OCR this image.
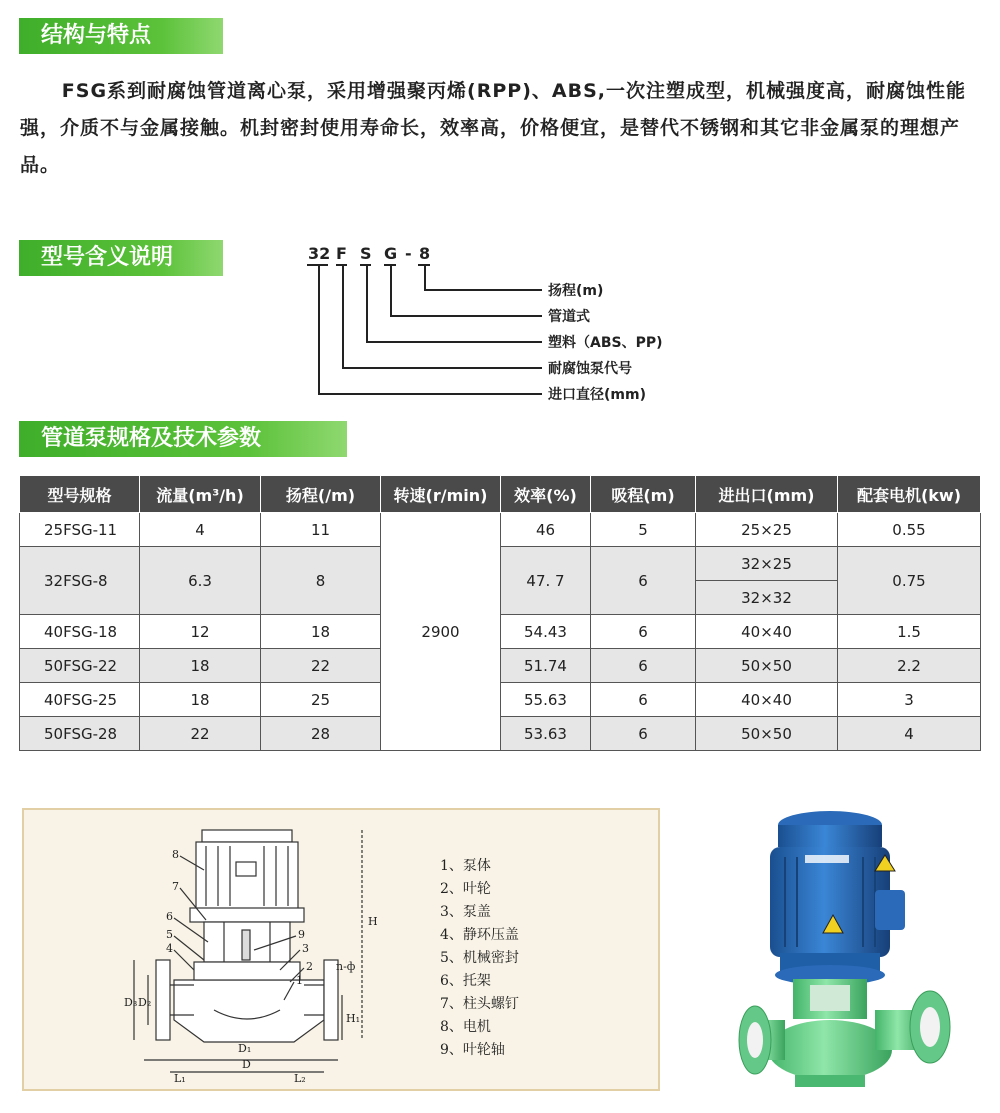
结构与特点

FSG系到耐腐蚀管道离心泵，采用增强聚丙烯(RPP)、ABS,一次注塑成型，机械强度高，耐腐蚀性能强，介质不与金属接触。机封密封使用寿命长，效率高，价格便宜，是替代不锈钢和其它非金属泵的理想产品。

型号含义说明	32 F S G - 8
扬程(m)
管道式
塑料（ABS、PP)
耐腐蚀泵代号
进口直径(mm)
管道泵规格及技术参数
型号规格	流量(m³/h)	扬程(/m)	转速(r/min)	效率(%)	吸程(m)	进出口(mm)	配套电机(kw)
25FSG-11	4	11	2900	46	5	25×25	0.55
32FSG-8	6.3	8		47. 7	6	32×25	0.75
						32×32	
40FSG-18	12	18		54.43	6	40×40	1.5
50FSG-22	18	22		51.74	6	50×50	2.2
40FSG-25	18	25		55.63	6	40×40	3
50FSG-28	22	28		53.63	6	50×50	4
8
7
6
5
4
9
3
2
1
H
n-ф
H₁
D
D₁
D₂
D₃
L₁	L₂
1、泵体
2、叶轮
3、泵盖
4、静环压盖
5、机械密封
6、托架
7、柱头螺钉
8、电机
9、叶轮轴
